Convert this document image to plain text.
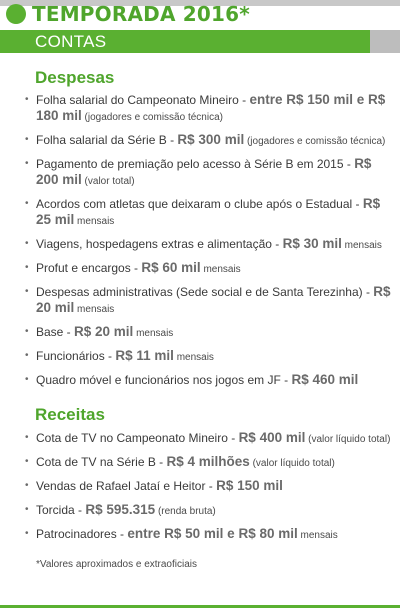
TEMPORADA 2016*
CONTAS
Despesas
• Folha salarial do Campeonato Mineiro - entre R$ 150 mil e R$ 180 mil (jogadores e comissão técnica)
• Folha salarial da Série B - R$ 300 mil (jogadores e comissão técnica)
• Pagamento de premiação pelo acesso à Série B em 2015 - R$ 200 mil (valor total)
• Acordos com atletas que deixaram o clube após o Estadual - R$ 25 mil mensais
• Viagens, hospedagens extras e alimentação - R$ 30 mil mensais
• Profut e encargos - R$ 60 mil mensais
• Despesas administrativas (Sede social e de Santa Terezinha) - R$ 20 mil mensais
• Base - R$ 20 mil mensais
• Funcionários - R$ 11 mil mensais
• Quadro móvel e funcionários nos jogos em JF - R$ 460 mil
Receitas
• Cota de TV no Campeonato Mineiro - R$ 400 mil (valor líquido total)
• Cota de TV na Série B - R$ 4 milhões (valor líquido total)
• Vendas de Rafael Jataí e Heitor - R$ 150 mil
• Torcida - R$ 595.315 (renda bruta)
• Patrocinadores - entre R$ 50 mil e R$ 80 mil mensais
*Valores aproximados e extraoficiais
